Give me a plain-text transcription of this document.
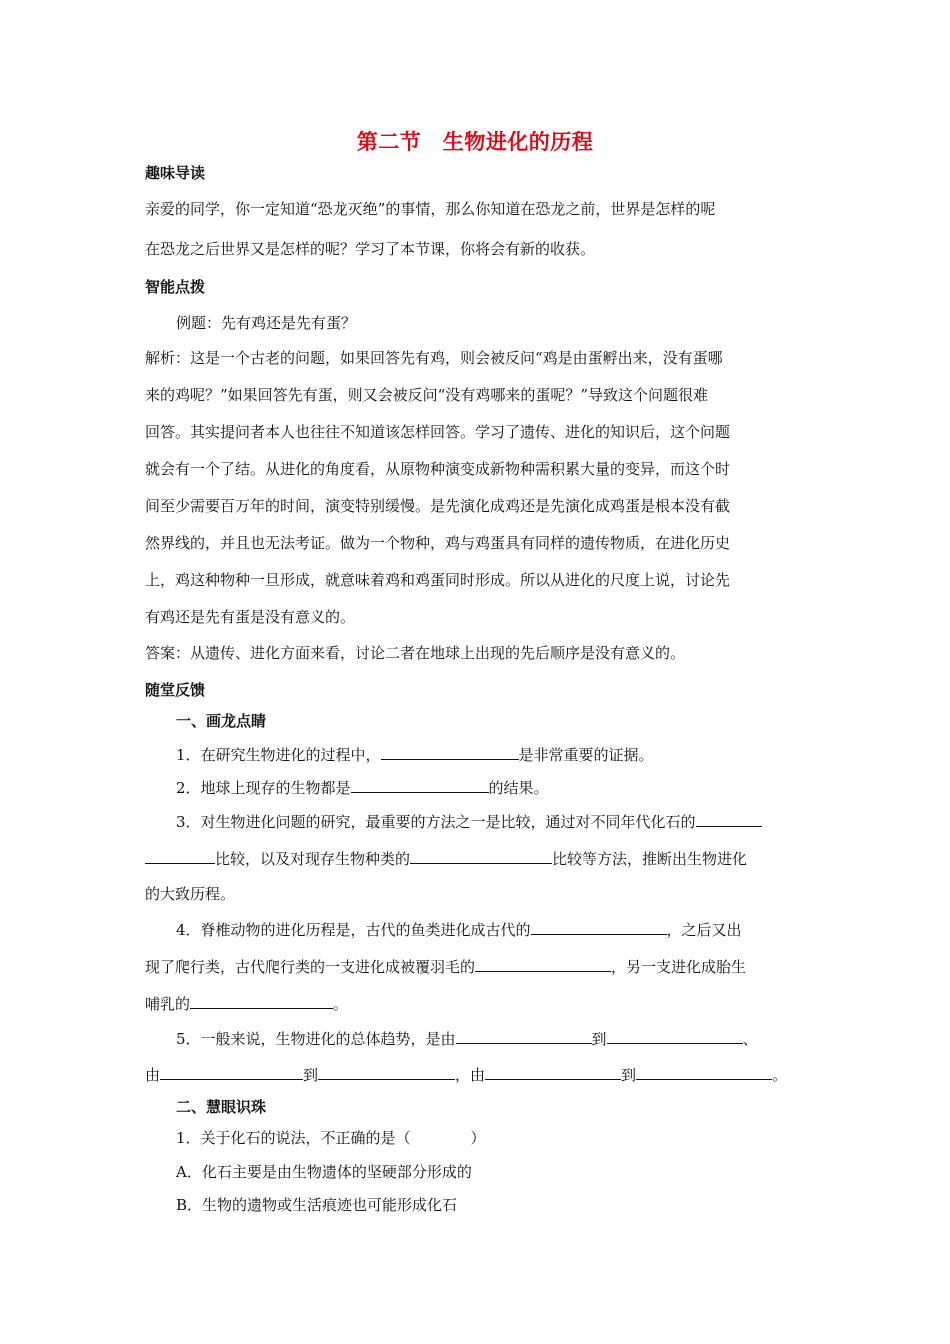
第二节　生物进化的历程
趣味导读
亲爱的同学，你一定知道“恐龙灭绝”的事情，那么你知道在恐龙之前，世界是怎样的呢
在恐龙之后世界又是怎样的呢？学习了本节课，你将会有新的收获。
智能点拨
例题：先有鸡还是先有蛋？
解析：这是一个古老的问题，如果回答先有鸡，则会被反问“鸡是由蛋孵出来，没有蛋哪
来的鸡呢？”如果回答先有蛋，则又会被反问“没有鸡哪来的蛋呢？”导致这个问题很难
回答。其实提问者本人也往往不知道该怎样回答。学习了遗传、进化的知识后，这个问题
就会有一个了结。从进化的角度看，从原物种演变成新物种需积累大量的变异，而这个时
间至少需要百万年的时间，演变特别缓慢。是先演化成鸡还是先演化成鸡蛋是根本没有截
然界线的，并且也无法考证。做为一个物种，鸡与鸡蛋具有同样的遗传物质，在进化历史
上，鸡这种物种一旦形成，就意味着鸡和鸡蛋同时形成。所以从进化的尺度上说，讨论先
有鸡还是先有蛋是没有意义的。
答案：从遗传、进化方面来看，讨论二者在地球上出现的先后顺序是没有意义的。
随堂反馈
一、画龙点睛
1．在研究生物进化的过程中，	是非常重要的证据。
2．地球上现存的生物都是	的结果。
3．对生物进化问题的研究，最重要的方法之一是比较，通过对不同年代化石的
比较，以及对现存生物种类的	比较等方法，推断出生物进化
的大致历程。
4．脊椎动物的进化历程是，古代的鱼类进化成古代的	，之后又出
现了爬行类，古代爬行类的一支进化成被覆羽毛的	，另一支进化成胎生
哺乳的	。
5．一般来说，生物进化的总体趋势，是由	到	、
由	到	，由	到	。
二、慧眼识珠
1．关于化石的说法，不正确的是（　　　　）
A．化石主要是由生物遗体的坚硬部分形成的
B．生物的遗物或生活痕迹也可能形成化石
